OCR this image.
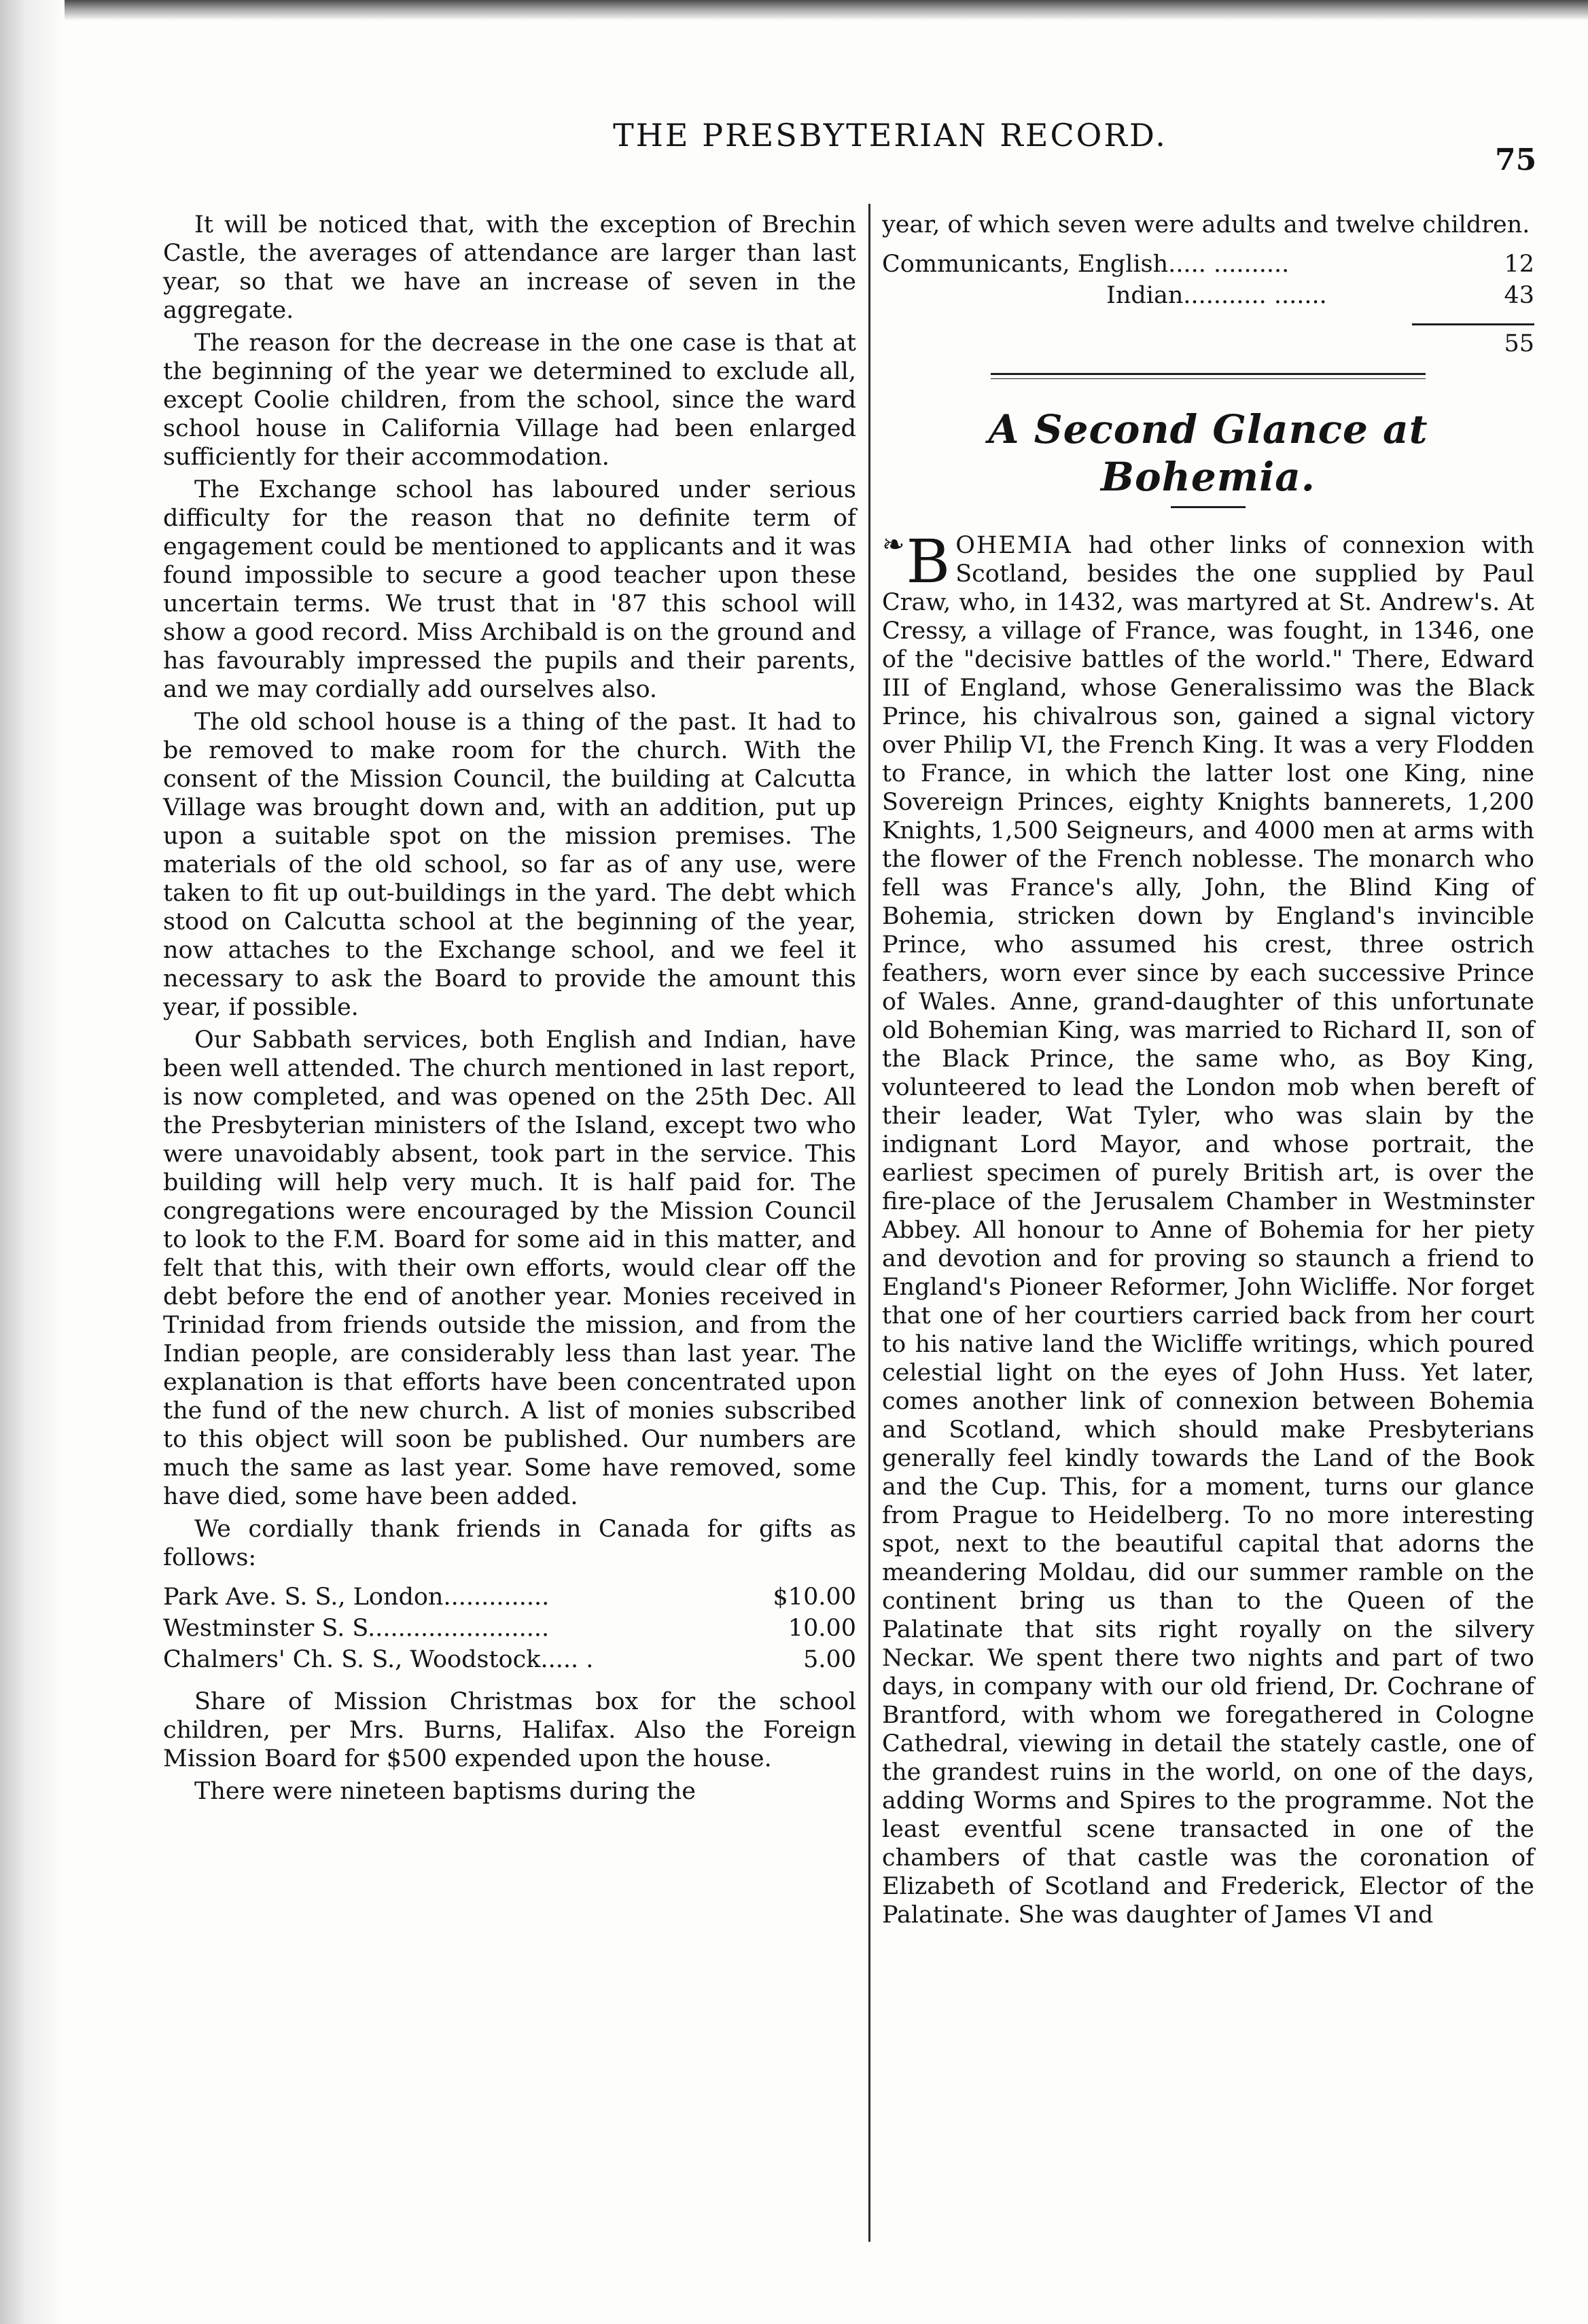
THE PRESBYTERIAN RECORD.
75

It will be noticed that, with the exception of Brechin Castle, the averages of attendance are larger than last year, so that we have an increase of seven in the aggregate.

The reason for the decrease in the one case is that at the beginning of the year we determined to exclude all, except Coolie children, from the school, since the ward school house in California Village had been enlarged sufficiently for their accommodation.

The Exchange school has laboured under serious difficulty for the reason that no definite term of engagement could be mentioned to applicants and it was found impossible to secure a good teacher upon these uncertain terms. We trust that in '87 this school will show a good record. Miss Archibald is on the ground and has favourably impressed the pupils and their parents, and we may cordially add ourselves also.

The old school house is a thing of the past. It had to be removed to make room for the church. With the consent of the Mission Council, the building at Calcutta Village was brought down and, with an addition, put up upon a suitable spot on the mission premises. The materials of the old school, so far as of any use, were taken to fit up out-buildings in the yard. The debt which stood on Calcutta school at the beginning of the year, now attaches to the Exchange school, and we feel it necessary to ask the Board to provide the amount this year, if possible.

Our Sabbath services, both English and Indian, have been well attended. The church mentioned in last report, is now completed, and was opened on the 25th Dec. All the Presbyterian ministers of the Island, except two who were unavoidably absent, took part in the service. This building will help very much. It is half paid for. The congregations were encouraged by the Mission Council to look to the F.M. Board for some aid in this matter, and felt that this, with their own efforts, would clear off the debt before the end of another year. Monies received in Trinidad from friends outside the mission, and from the Indian people, are considerably less than last year. The explanation is that efforts have been concentrated upon the fund of the new church. A list of monies subscribed to this object will soon be published. Our numbers are much the same as last year. Some have removed, some have died, some have been added.

We cordially thank friends in Canada for gifts as follows:

Park Ave. S. S., London..............	$10.00
Westminster S. S........................	10.00
Chalmers' Ch. S. S., Woodstock..... .	5.00

Share of Mission Christmas box for the school children, per Mrs. Burns, Halifax. Also the Foreign Mission Board for $500 expended upon the house.

There were nineteen baptisms during the

year, of which seven were adults and twelve children.

Communicants, English..... ..........	12
Indian........... .......	43
55
A Second Glance at Bohemia.

❧ B OHEMIA had other links of connexion with Scotland, besides the one supplied by Paul Craw, who, in 1432, was martyred at St. Andrew's. At Cressy, a village of France, was fought, in 1346, one of the "decisive battles of the world." There, Edward III of England, whose Generalissimo was the Black Prince, his chivalrous son, gained a signal victory over Philip VI, the French King. It was a very Flodden to France, in which the latter lost one King, nine Sovereign Princes, eighty Knights bannerets, 1,200 Knights, 1,500 Seigneurs, and 4000 men at arms with the flower of the French noblesse. The monarch who fell was France's ally, John, the Blind King of Bohemia, stricken down by England's invincible Prince, who assumed his crest, three ostrich feathers, worn ever since by each successive Prince of Wales. Anne, grand-daughter of this unfortunate old Bohemian King, was married to Richard II, son of the Black Prince, the same who, as Boy King, volunteered to lead the London mob when bereft of their leader, Wat Tyler, who was slain by the indignant Lord Mayor, and whose portrait, the earliest specimen of purely British art, is over the fire-place of the Jerusalem Chamber in Westminster Abbey. All honour to Anne of Bohemia for her piety and devotion and for proving so staunch a friend to England's Pioneer Reformer, John Wicliffe. Nor forget that one of her courtiers carried back from her court to his native land the Wicliffe writings, which poured celestial light on the eyes of John Huss. Yet later, comes another link of connexion between Bohemia and Scotland, which should make Presbyterians generally feel kindly towards the Land of the Book and the Cup. This, for a moment, turns our glance from Prague to Heidelberg. To no more interesting spot, next to the beautiful capital that adorns the meandering Moldau, did our summer ramble on the continent bring us than to the Queen of the Palatinate that sits right royally on the silvery Neckar. We spent there two nights and part of two days, in company with our old friend, Dr. Cochrane of Brantford, with whom we foregathered in Cologne Cathedral, viewing in detail the stately castle, one of the grandest ruins in the world, on one of the days, adding Worms and Spires to the programme. Not the least eventful scene transacted in one of the chambers of that castle was the coronation of Elizabeth of Scotland and Frederick, Elector of the Palatinate. She was daughter of James VI and
